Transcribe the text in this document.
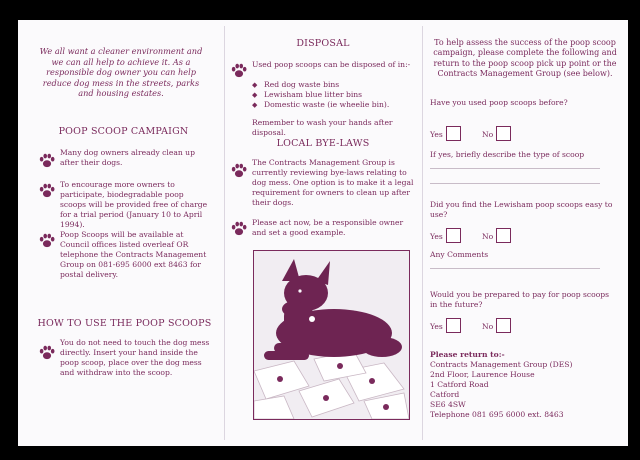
We all want a cleaner environment and we can all help to achieve it. As a responsible dog owner you can help reduce dog mess in the streets, parks and housing estates.
POOP SCOOP CAMPAIGN
Many dog owners already clean up after their dogs.
To encourage more owners to participate, biodegradable poop scoops will be provided free of charge for a trial period (January 10 to April 1994).
Poop Scoops will be available at Council offices listed overleaf OR telephone the Contracts Management Group on 081-695 6000 ext 8463 for postal delivery.
HOW TO USE THE POOP SCOOPS
You do not need to touch the dog mess directly. Insert your hand inside the poop scoop, place over the dog mess and withdraw into the scoop.
DISPOSAL
Used poop scoops can be disposed of in:-
◆ Red dog waste bins
◆ Lewisham blue litter bins
◆ Domestic waste (ie wheelie bin).
Remember to wash your hands after disposal.
LOCAL BYE-LAWS
The Contracts Management Group is currently reviewing bye-laws relating to dog mess. One option is to make it a legal requirement for owners to clean up after their dogs.
Please act now, be a responsible owner and set a good example.
To help assess the success of the poop scoop campaign, please complete the following and return to the poop scoop pick up point or the Contracts Management Group (see below).
Have you used poop scoops before?
Yes	No
If yes, briefly describe the type of scoop
Did you find the Lewisham poop scoops easy to use?
Yes	No
Any Comments
Would you be prepared to pay for poop scoops in the future?
Yes	No
Please return to:-
Contracts Management Group (DES)
2nd Floor, Laurence House
1 Catford Road
Catford
SE6 4SW
Telephone 081 695 6000 ext. 8463
